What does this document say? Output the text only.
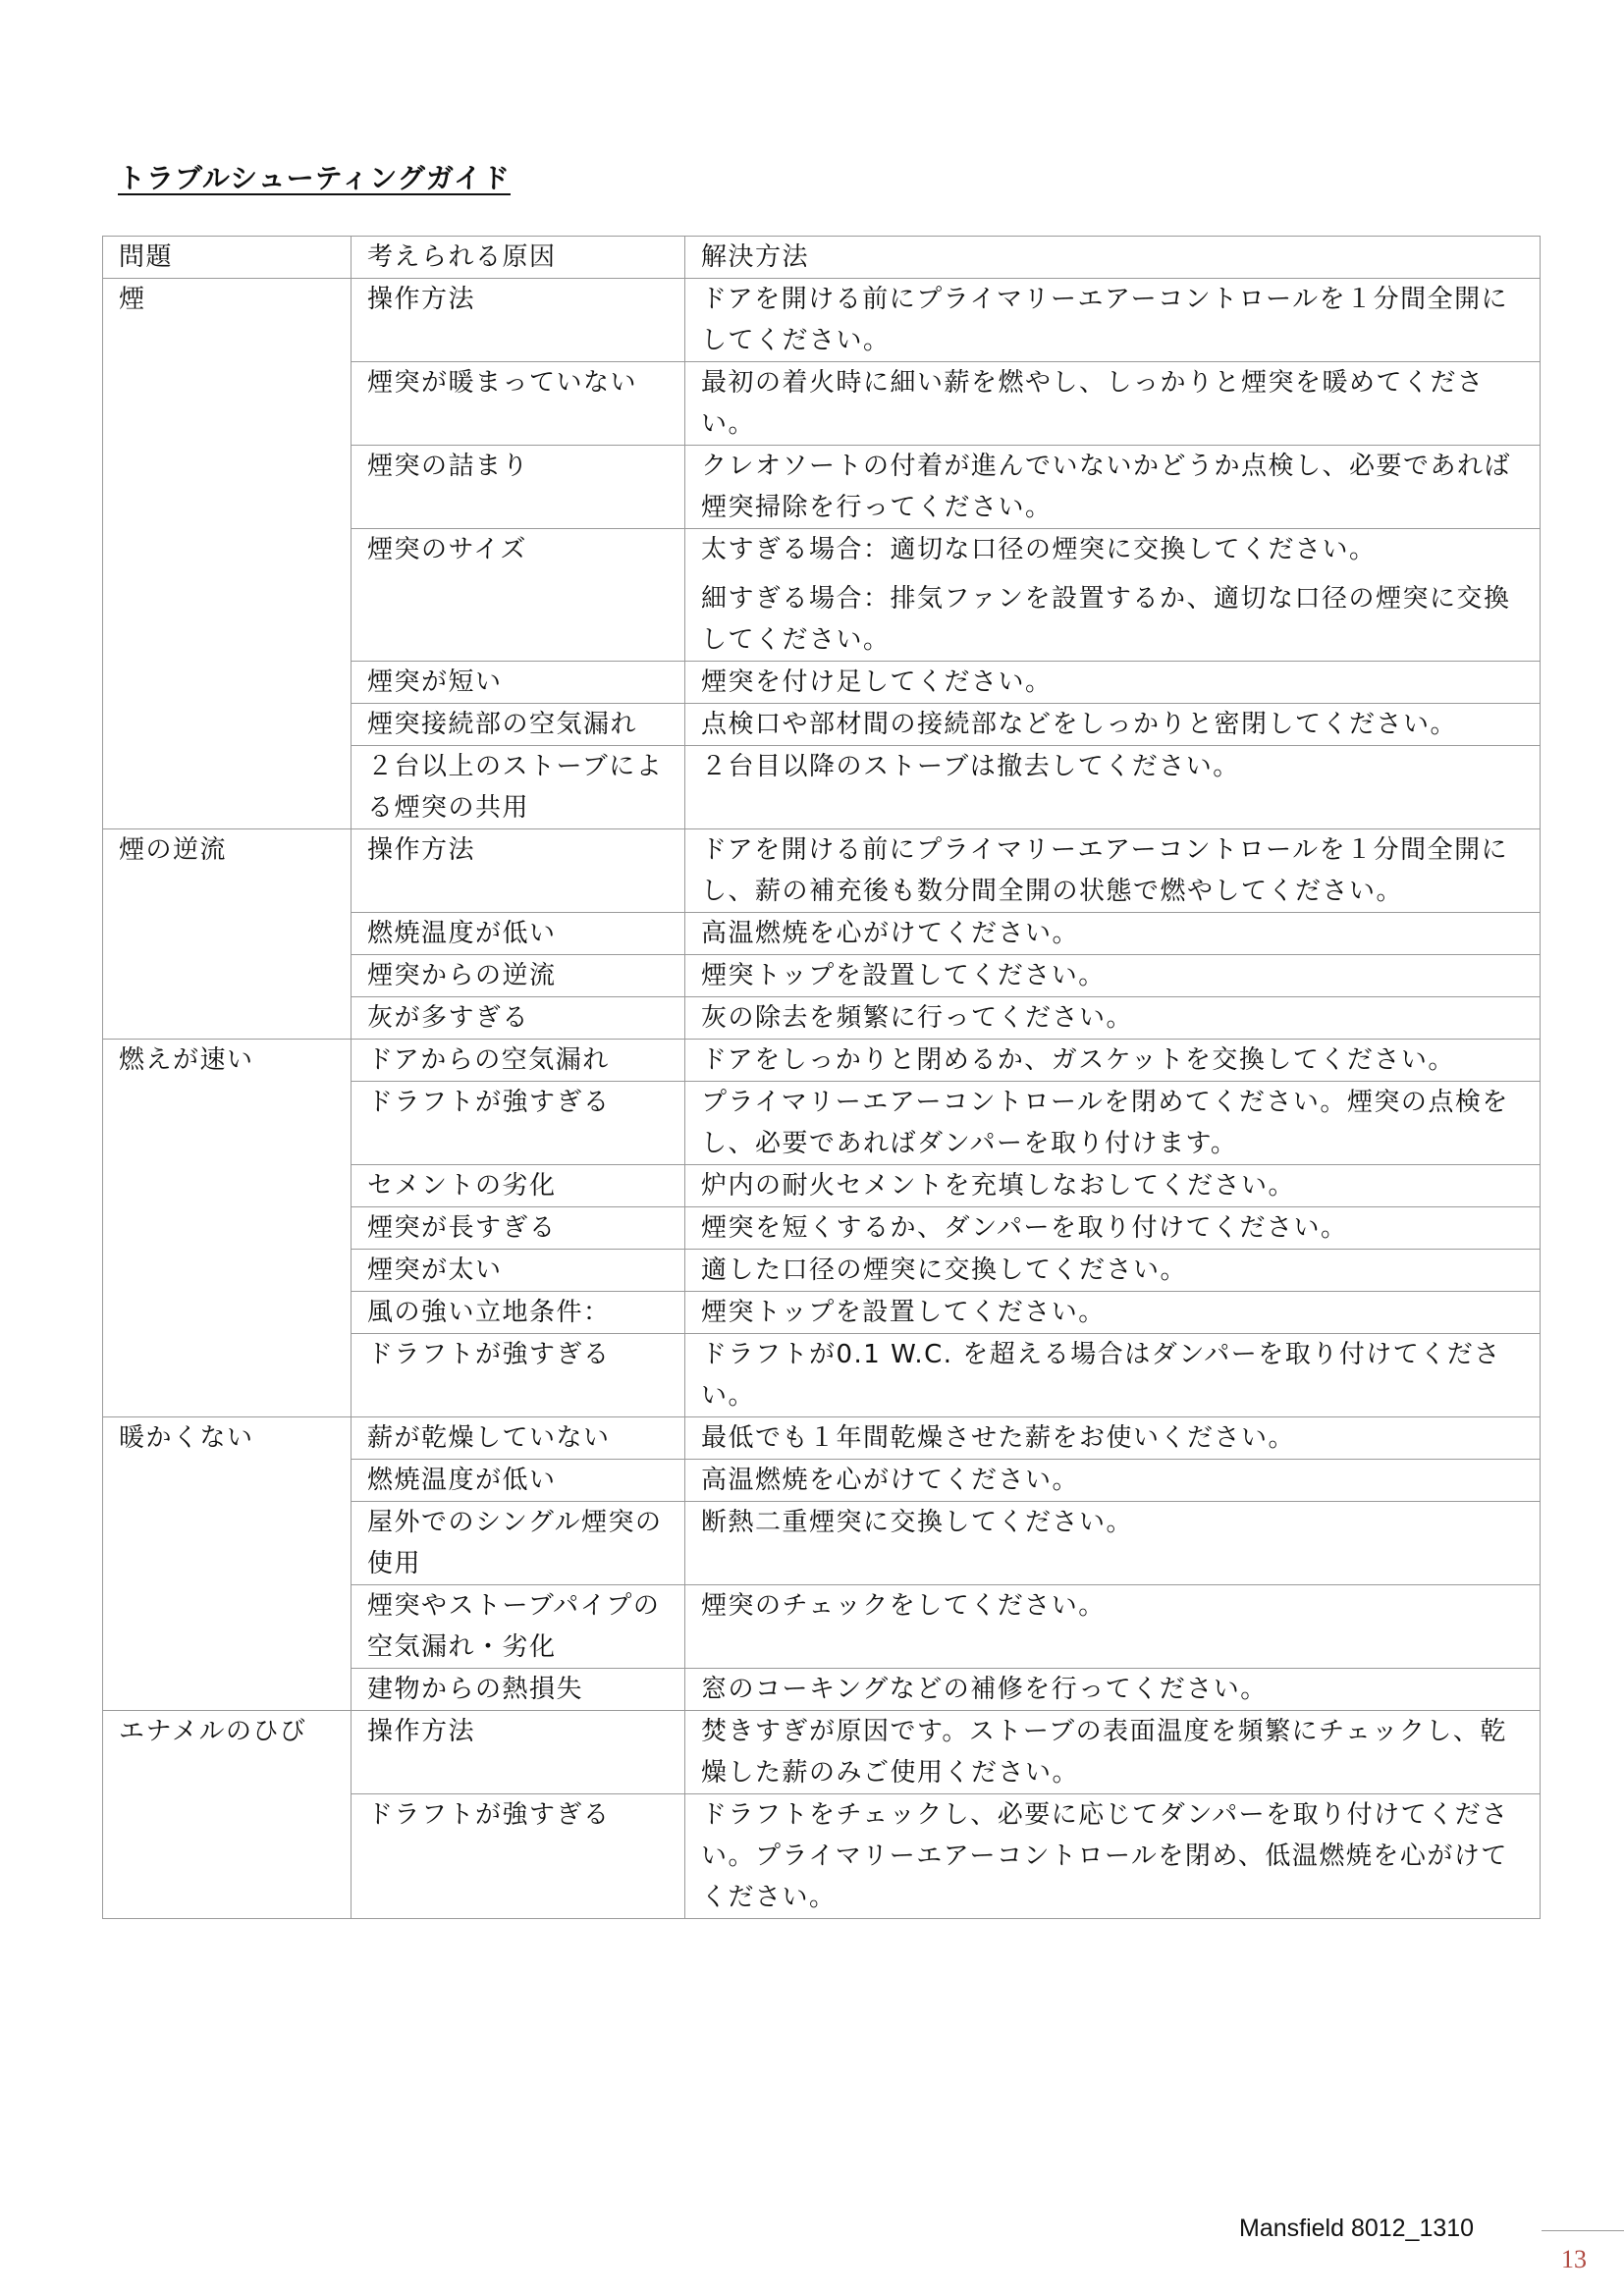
トラブルシューティングガイド
問題	考えられる原因	解決方法
煙	操作方法	ドアを開ける前にプライマリーエアーコントロールを１分間全開にしてください。

	煙突が暖まっていない	最初の着火時に細い薪を燃やし、しっかりと煙突を暖めてください。

	煙突の詰まり	クレオソートの付着が進んでいないかどうか点検し、必要であれば煙突掃除を行ってください。

	煙突のサイズ	太すぎる場合：適切な口径の煙突に交換してください。
細すぎる場合：排気ファンを設置するか、適切な口径の煙突に交換してください。

	煙突が短い	煙突を付け足してください。

	煙突接続部の空気漏れ	点検口や部材間の接続部などをしっかりと密閉してください。

	２台以上のストーブによる煙突の共用	２台目以降のストーブは撤去してください。

煙の逆流	操作方法	ドアを開ける前にプライマリーエアーコントロールを１分間全開にし、薪の補充後も数分間全開の状態で燃やしてください。

	燃焼温度が低い	高温燃焼を心がけてください。

	煙突からの逆流	煙突トップを設置してください。

	灰が多すぎる	灰の除去を頻繁に行ってください。

燃えが速い	ドアからの空気漏れ	ドアをしっかりと閉めるか、ガスケットを交換してください。

	ドラフトが強すぎる	プライマリーエアーコントロールを閉めてください。煙突の点検をし、必要であればダンパーを取り付けます。

	セメントの劣化	炉内の耐火セメントを充填しなおしてください。

	煙突が長すぎる	煙突を短くするか、ダンパーを取り付けてください。

	煙突が太い	適した口径の煙突に交換してください。

	風の強い立地条件：	煙突トップを設置してください。

	ドラフトが強すぎる	ドラフトが0.1 W.C. を超える場合はダンパーを取り付けてください。

暖かくない	薪が乾燥していない	最低でも１年間乾燥させた薪をお使いください。

	燃焼温度が低い	高温燃焼を心がけてください。

	屋外でのシングル煙突の使用	断熱二重煙突に交換してください。

	煙突やストーブパイプの空気漏れ・劣化	煙突のチェックをしてください。

	建物からの熱損失	窓のコーキングなどの補修を行ってください。

エナメルのひび	操作方法	焚きすぎが原因です。ストーブの表面温度を頻繁にチェックし、乾燥した薪のみご使用ください。

	ドラフトが強すぎる	ドラフトをチェックし、必要に応じてダンパーを取り付けてください。プライマリーエアーコントロールを閉め、低温燃焼を心がけてください。
Mansfield 8012_1310
13
